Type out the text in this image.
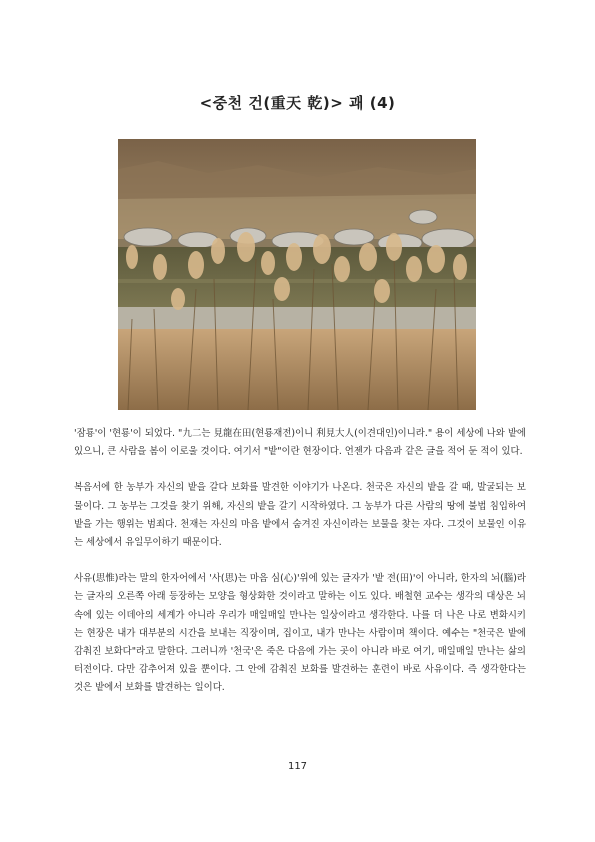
<중천 건(重天 乾)> 괘 (4)

'잠룡'이 '현룡'이 되었다. "九二는 見龍在田(현룡재전)이니 利見大人(이견대인)이니라." 용이 세상에 나와 밭에 있으니, 큰 사람을 봄이 이로울 것이다. 여기서 "밭"이란 현장이다. 언젠가 다음과 같은 글을 적어 둔 적이 있다.

복음서에 한 농부가 자신의 밭을 갈다 보화를 발견한 이야기가 나온다. 천국은 자신의 밭을 갈 때, 발굴되는 보물이다. 그 농부는 그것을 찾기 위해, 자신의 밭을 갈기 시작하였다. 그 농부가 다른 사람의 땅에 불법 침입하여 밭을 가는 행위는 범죄다. 천재는 자신의 마음 밭에서 숨겨진 자신이라는 보물을 찾는 자다. 그것이 보물인 이유는 세상에서 유일무이하기 때문이다.

사유(思惟)라는 말의 한자어에서 '사(思)는 마음 심(心)'위에 있는 글자가 '밭 전(田)'이 아니라, 한자의 뇌(腦)라는 글자의 오른쪽 아래 등장하는 모양을 형상화한 것이라고 말하는 이도 있다. 배철현 교수는 생각의 대상은 뇌 속에 있는 이데아의 세계가 아니라 우리가 매일매일 만나는 일상이라고 생각한다. 나를 더 나은 나로 변화시키는 현장은 내가 대부분의 시간을 보내는 직장이며, 집이고, 내가 만나는 사람이며 책이다. 예수는 "천국은 밭에 감춰진 보화다"라고 말한다. 그러니까 '천국'은 죽은 다음에 가는 곳이 아니라 바로 여기, 매일매일 만나는 삶의 터전이다. 다만 감추어져 있을 뿐이다. 그 안에 감춰진 보화를 발견하는 훈련이 바로 사유이다. 즉 생각한다는 것은 밭에서 보화를 발견하는 일이다.

117
